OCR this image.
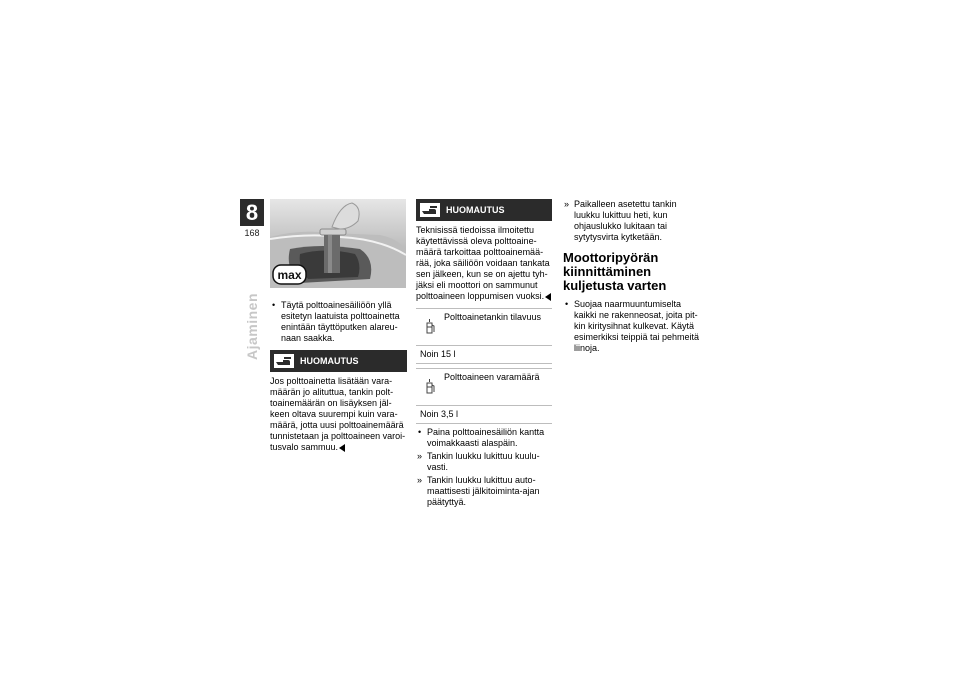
8
168
Ajaminen
max
• Täytä polttoainesäiliöön yllä esitetyn laatuista polttoainetta enintään täyttöputken alareu-naan saakka.
HUOMAUTUS

Jos polttoainetta lisätään vara-määrän jo alituttua, tankin polt-toainemäärän on lisäyksen jäl-keen oltava suurempi kuin vara-määrä, jotta uusi polttoainemäärä tunnistetaan ja polttoaineen varoi-tusvalo sammuu.

HUOMAUTUS

Teknisissä tiedoissa ilmoitettu käytettävissä oleva polttoaine-määrä tarkoittaa polttoainemää-rää, joka säiliöön voidaan tankata sen jälkeen, kun se on ajettu tyh-jäksi eli moottori on sammunut polttoaineen loppumisen vuoksi.

Polttoainetankin tilavuus
Noin 15 l
Polttoaineen varamäärä
Noin 3,5 l
• Paina polttoainesäiliön kantta voimakkaasti alaspäin.
» Tankin luukku lukittuu kuulu-vasti.
» Tankin luukku lukittuu auto-maattisesti jälkitoiminta-ajan päätyttyä.
» Paikalleen asetettu tankin luukku lukittuu heti, kun ohjauslukko lukitaan tai sytytysvirta kytketään.
Moottoripyörän kiinnittäminen kuljetusta varten
• Suojaa naarmuuntumiselta kaikki ne rakenneosat, joita pit-kin kiritysihnat kulkevat. Käytä esimerkiksi teippiä tai pehmeitä liinoja.
